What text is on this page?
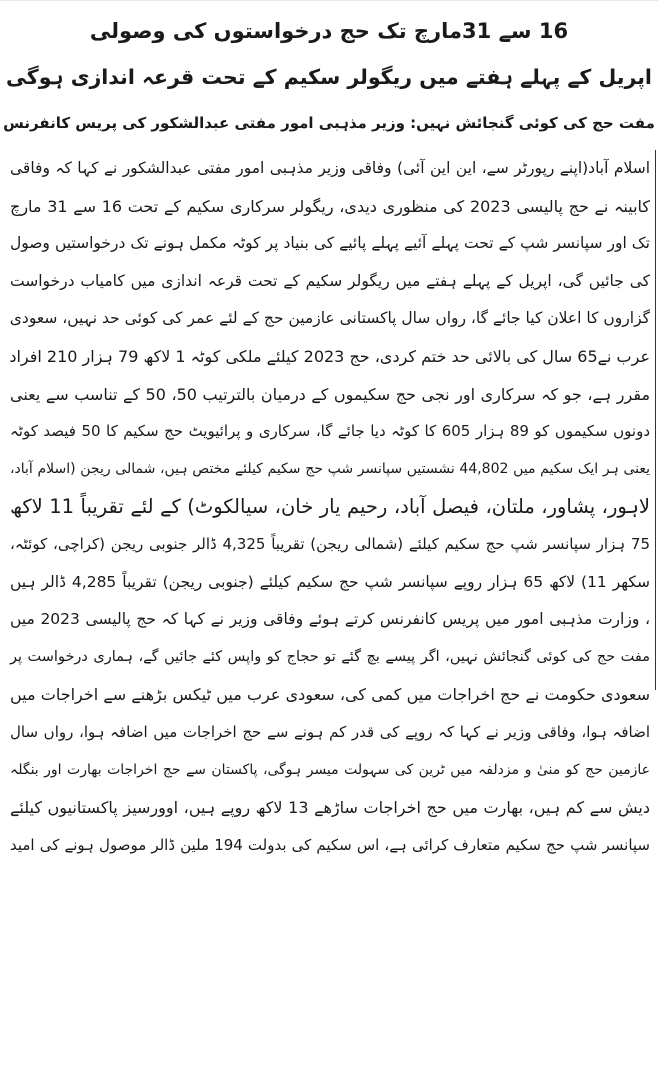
16 سے 31مارچ تک حج درخواستوں کی وصولی
اپریل کے پہلے ہفتے میں ریگولر سکیم کے تحت قرعہ اندازی ہوگی
مفت حج کی کوئی گنجائش نہیں: وزیر مذہبی امور مفتی عبدالشکور کی پریس کانفرنس
اسلام آباد(اپنے رپورٹر سے، این این آئی) وفاقی وزیر مذہبی امور مفتی عبدالشکور نے کہا کہ وفاقی
کابینہ نے حج پالیسی 2023 کی منظوری دیدی، ریگولر سرکاری سکیم کے تحت 16 سے 31 مارچ
تک اور سپانسر شپ کے تحت پہلے آئیے پہلے پائیے کی بنیاد پر کوٹہ مکمل ہونے تک درخواستیں وصول
کی جائیں گی، اپریل کے پہلے ہفتے میں ریگولر سکیم کے تحت قرعہ اندازی میں کامیاب درخواست
گزاروں کا اعلان کیا جائے گا، رواں سال پاکستانی عازمین حج کے لئے عمر کی کوئی حد نہیں، سعودی
عرب نے65 سال کی بالائی حد ختم کردی، حج 2023 کیلئے ملکی کوٹہ 1 لاکھ 79 ہزار 210 افراد
مقرر ہے، جو کہ سرکاری اور نجی حج سکیموں کے درمیان بالترتیب 50، 50 کے تناسب سے یعنی
دونوں سکیموں کو 89 ہزار 605 کا کوٹہ دیا جائے گا، سرکاری و پرائیویٹ حج سکیم کا 50 فیصد کوٹہ
یعنی ہر ایک سکیم میں 44,802 نشستیں سپانسر شپ حج سکیم کیلئے مختص ہیں، شمالی ریجن (اسلام آباد،
لاہور، پشاور، ملتان، فیصل آباد، رحیم یار خان، سیالکوٹ) کے لئے تقریباً 11 لاکھ
75 ہزار سپانسر شپ حج سکیم کیلئے (شمالی ریجن) تقریباً 4,325 ڈالر جنوبی ریجن (کراچی، کوئٹہ،
سکھر 11) لاکھ 65 ہزار روپے سپانسر شپ حج سکیم کیلئے (جنوبی ریجن) تقریباً 4,285 ڈالر ہیں
، وزارت مذہبی امور میں پریس کانفرنس کرتے ہوئے وفاقی وزیر نے کہا کہ حج پالیسی 2023 میں
مفت حج کی کوئی گنجائش نہیں، اگر پیسے بچ گئے تو حجاج کو واپس کئے جائیں گے، ہماری درخواست پر
سعودی حکومت نے حج اخراجات میں کمی کی، سعودی عرب میں ٹیکس بڑھنے سے اخراجات میں
اضافہ ہوا، وفاقی وزیر نے کہا کہ روپے کی قدر کم ہونے سے حج اخراجات میں اضافہ ہوا، رواں سال
عازمین حج کو منیٰ و مزدلفہ میں ٹرین کی سہولت میسر ہوگی، پاکستان سے حج اخراجات بھارت اور بنگلہ
دیش سے کم ہیں، بھارت میں حج اخراجات ساڑھے 13 لاکھ روپے ہیں، اوورسیز پاکستانیوں کیلئے
سپانسر شپ حج سکیم متعارف کرائی ہے، اس سکیم کی بدولت 194 ملین ڈالر موصول ہونے کی امید
